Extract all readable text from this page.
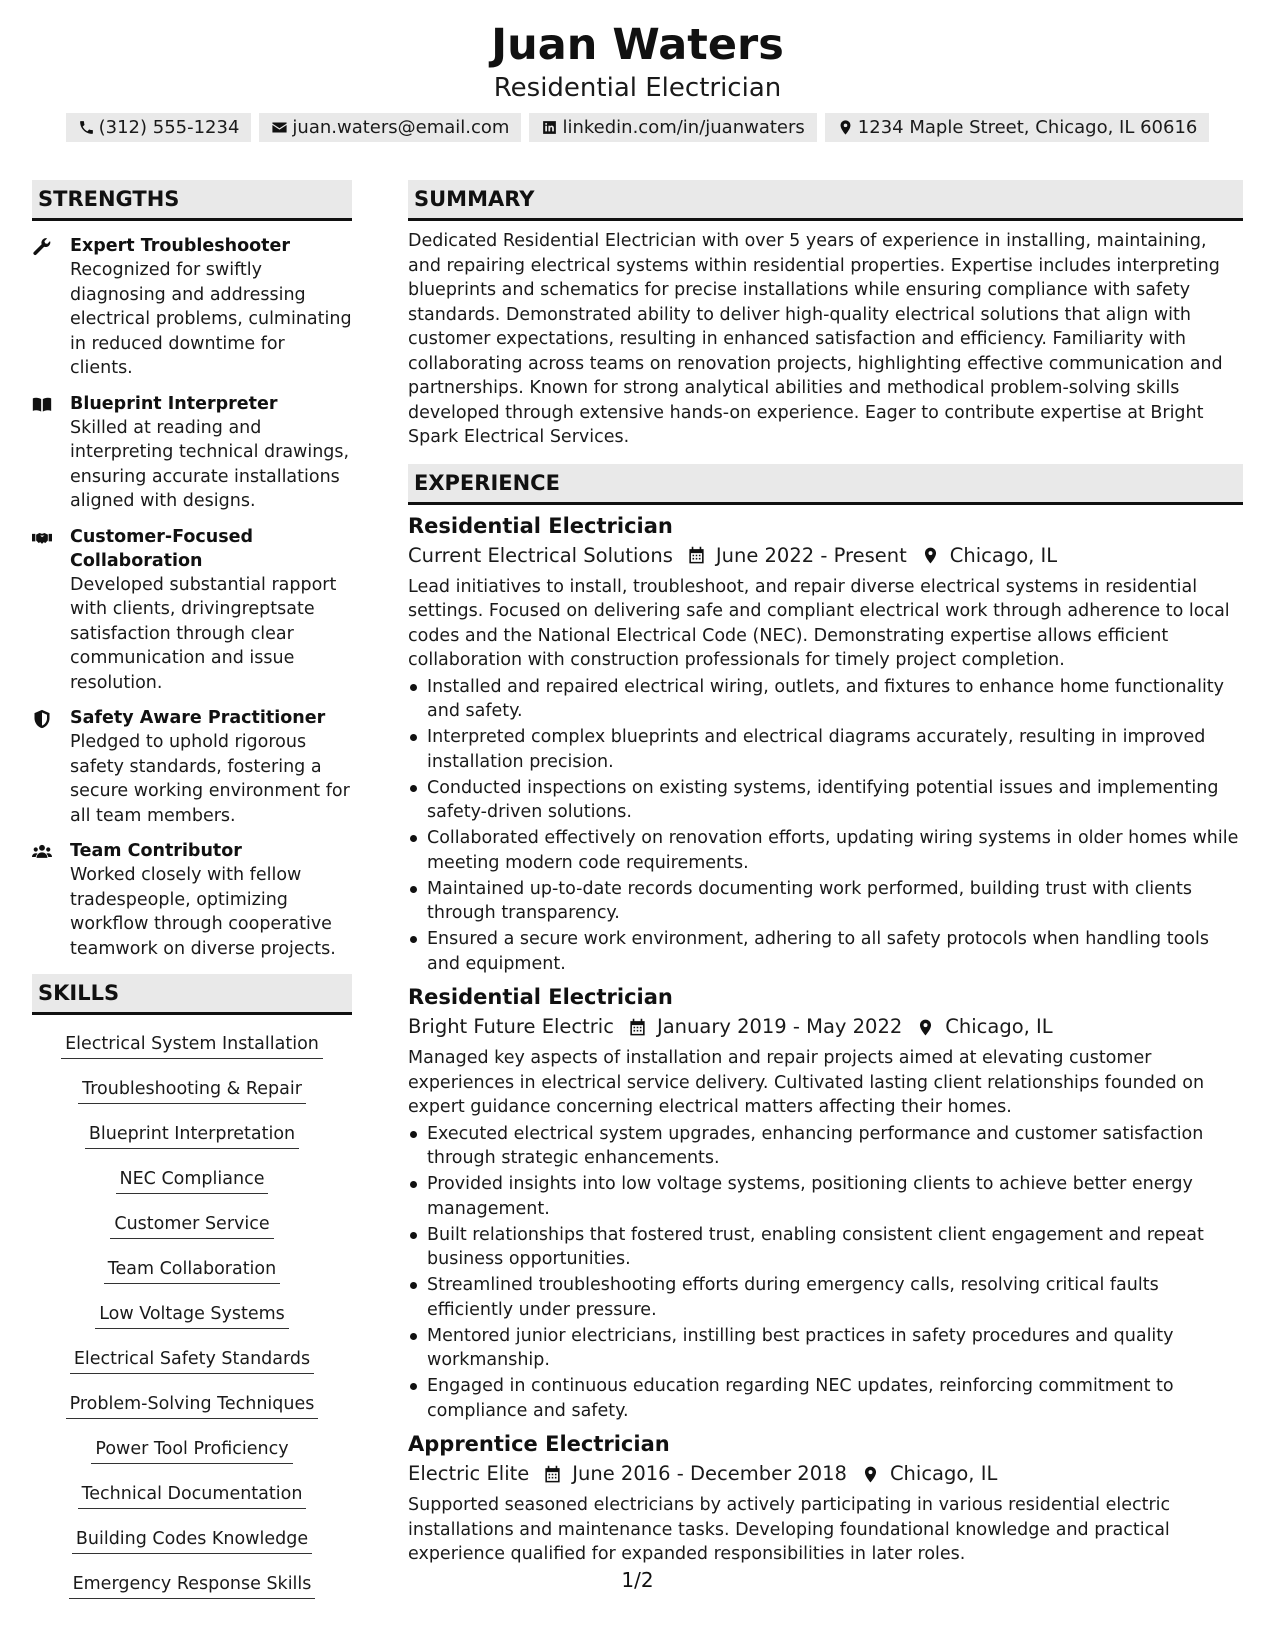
Juan Waters
Residential Electrician
(312) 555-1234	juan.waters@email.com	linkedin.com/in/juanwaters	1234 Maple Street, Chicago, IL 60616
STRENGTHS
Expert Troubleshooter
Recognized for swiftly diagnosing and addressing electrical problems, culminating in reduced downtime for clients.
Blueprint Interpreter
Skilled at reading and interpreting technical drawings, ensuring accurate installations aligned with designs.
Customer-Focused Collaboration
Developed substantial rapport with clients, drivingreptsate satisfaction through clear communication and issue resolution.
Safety Aware Practitioner
Pledged to uphold rigorous safety standards, fostering a secure working environment for all team members.
Team Contributor
Worked closely with fellow tradespeople, optimizing workflow through cooperative teamwork on diverse projects.
SKILLS
Electrical System Installation
Troubleshooting & Repair
Blueprint Interpretation
NEC Compliance
Customer Service
Team Collaboration
Low Voltage Systems
Electrical Safety Standards
Problem-Solving Techniques
Power Tool Proficiency
Technical Documentation
Building Codes Knowledge
Emergency Response Skills
SUMMARY
Dedicated Residential Electrician with over 5 years of experience in installing, maintaining, and repairing electrical systems within residential properties. Expertise includes interpreting blueprints and schematics for precise installations while ensuring compliance with safety standards. Demonstrated ability to deliver high-quality electrical solutions that align with customer expectations, resulting in enhanced satisfaction and efficiency. Familiarity with collaborating across teams on renovation projects, highlighting effective communication and partnerships. Known for strong analytical abilities and methodical problem-solving skills developed through extensive hands-on experience. Eager to contribute expertise at Bright Spark Electrical Services.
EXPERIENCE
Residential Electrician
Current Electrical Solutions June 2022 - Present Chicago, IL
Lead initiatives to install, troubleshoot, and repair diverse electrical systems in residential settings. Focused on delivering safe and compliant electrical work through adherence to local codes and the National Electrical Code (NEC). Demonstrating expertise allows efficient collaboration with construction professionals for timely project completion.
Installed and repaired electrical wiring, outlets, and fixtures to enhance home functionality and safety.
Interpreted complex blueprints and electrical diagrams accurately, resulting in improved installation precision.
Conducted inspections on existing systems, identifying potential issues and implementing safety-driven solutions.
Collaborated effectively on renovation efforts, updating wiring systems in older homes while meeting modern code requirements.
Maintained up-to-date records documenting work performed, building trust with clients through transparency.
Ensured a secure work environment, adhering to all safety protocols when handling tools and equipment.
Residential Electrician
Bright Future Electric January 2019 - May 2022 Chicago, IL
Managed key aspects of installation and repair projects aimed at elevating customer experiences in electrical service delivery. Cultivated lasting client relationships founded on expert guidance concerning electrical matters affecting their homes.
Executed electrical system upgrades, enhancing performance and customer satisfaction through strategic enhancements.
Provided insights into low voltage systems, positioning clients to achieve better energy management.
Built relationships that fostered trust, enabling consistent client engagement and repeat business opportunities.
Streamlined troubleshooting efforts during emergency calls, resolving critical faults efficiently under pressure.
Mentored junior electricians, instilling best practices in safety procedures and quality workmanship.
Engaged in continuous education regarding NEC updates, reinforcing commitment to compliance and safety.
Apprentice Electrician
Electric Elite June 2016 - December 2018 Chicago, IL
Supported seasoned electricians by actively participating in various residential electric installations and maintenance tasks. Developing foundational knowledge and practical experience qualified for expanded responsibilities in later roles.
1/2
